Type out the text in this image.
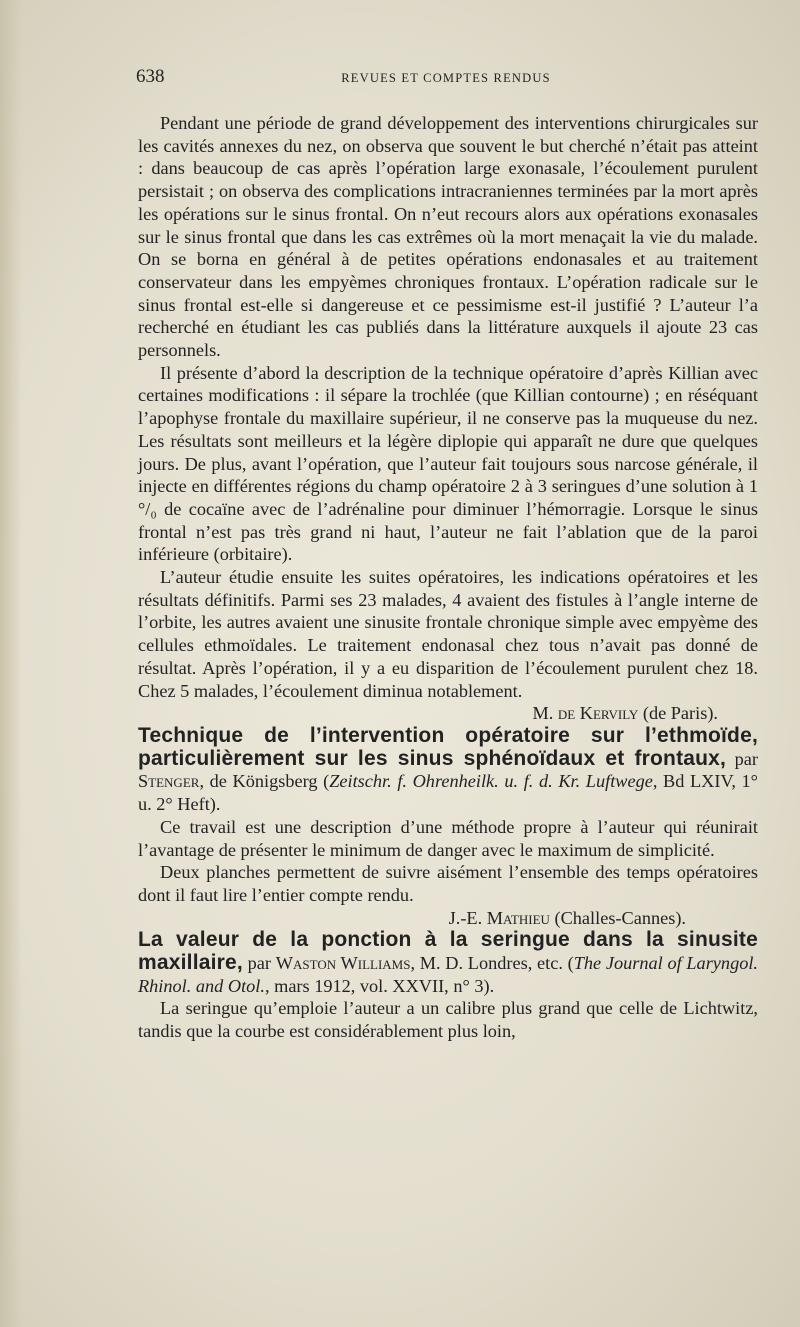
638	REVUES ET COMPTES RENDUS

Pendant une période de grand développement des interventions chirurgicales sur les cavités annexes du nez, on observa que souvent le but cherché n’était pas atteint : dans beaucoup de cas après l’opération large exonasale, l’écoulement purulent persistait ; on observa des complications intracraniennes terminées par la mort après les opérations sur le sinus frontal. On n’eut recours alors aux opérations exonasales sur le sinus frontal que dans les cas extrêmes où la mort menaçait la vie du malade. On se borna en général à de petites opérations endonasales et au traitement conservateur dans les empyèmes chroniques frontaux. L’opération radicale sur le sinus frontal est-elle si dangereuse et ce pessimisme est-il justifié ? L’auteur l’a recherché en étudiant les cas publiés dans la littérature auxquels il ajoute 23 cas personnels.

Il présente d’abord la description de la technique opératoire d’après Killian avec certaines modifications : il sépare la trochlée (que Killian contourne) ; en réséquant l’apophyse frontale du maxillaire supérieur, il ne conserve pas la muqueuse du nez. Les résultats sont meilleurs et la légère diplopie qui apparaît ne dure que quelques jours. De plus, avant l’opération, que l’auteur fait toujours sous narcose générale, il injecte en différentes régions du champ opératoire 2 à 3 seringues d’une solution à 1 °/₀ de cocaïne avec de l’adrénaline pour diminuer l’hémorragie. Lorsque le sinus frontal n’est pas très grand ni haut, l’auteur ne fait l’ablation que de la paroi inférieure (orbitaire).

L’auteur étudie ensuite les suites opératoires, les indications opératoires et les résultats définitifs. Parmi ses 23 malades, 4 avaient des fistules à l’angle interne de l’orbite, les autres avaient une sinusite frontale chronique simple avec empyème des cellules ethmoïdales. Le traitement endonasal chez tous n’avait pas donné de résultat. Après l’opération, il y a eu disparition de l’écoulement purulent chez 18. Chez 5 malades, l’écoulement diminua notablement.

M. de Kervily (de Paris).

Technique de l’intervention opératoire sur l’ethmoïde, particulièrement sur les sinus sphénoïdaux et frontaux, par Stenger, de Königsberg (Zeitschr. f. Ohrenheilk. u. f. d. Kr. Luftwege, Bd LXIV, 1° u. 2° Heft).

Ce travail est une description d’une méthode propre à l’auteur qui réunirait l’avantage de présenter le minimum de danger avec le maximum de simplicité.

Deux planches permettent de suivre aisément l’ensemble des temps opératoires dont il faut lire l’entier compte rendu.

J.-E. Mathieu (Challes-Cannes).

La valeur de la ponction à la seringue dans la sinusite maxillaire, par Waston Williams, M. D. Londres, etc. (The Journal of Laryngol. Rhinol. and Otol., mars 1912, vol. XXVII, n° 3).

La seringue qu’emploie l’auteur a un calibre plus grand que celle de Lichtwitz, tandis que la courbe est considérablement plus loin,
